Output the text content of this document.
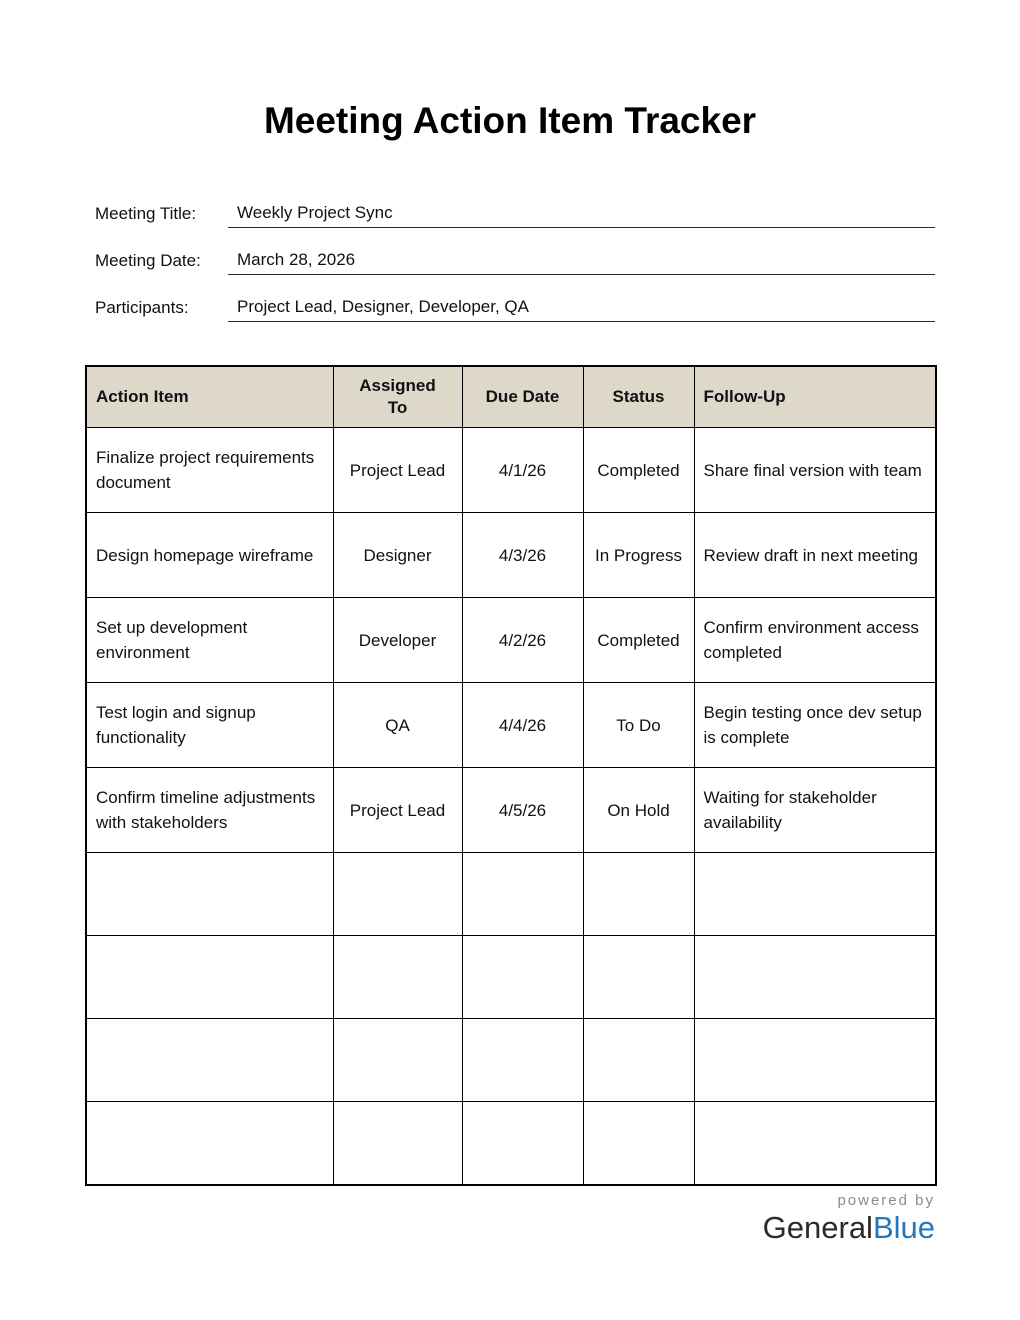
Meeting Action Item Tracker
Meeting Title:	Weekly Project Sync
Meeting Date:	March 28, 2026
Participants:	Project Lead, Designer, Developer, QA
Action Item	Assigned To	Due Date	Status	Follow-Up
Finalize project requirements document	Project Lead	4/1/26	Completed	Share final version with team
Design homepage wireframe	Designer	4/3/26	In Progress	Review draft in next meeting
Set up development environment	Developer	4/2/26	Completed	Confirm environment access completed
Test login and signup functionality	QA	4/4/26	To Do	Begin testing once dev setup is complete
Confirm timeline adjustments with stakeholders	Project Lead	4/5/26	On Hold	Waiting for stakeholder availability

powered by
GeneralBlue
